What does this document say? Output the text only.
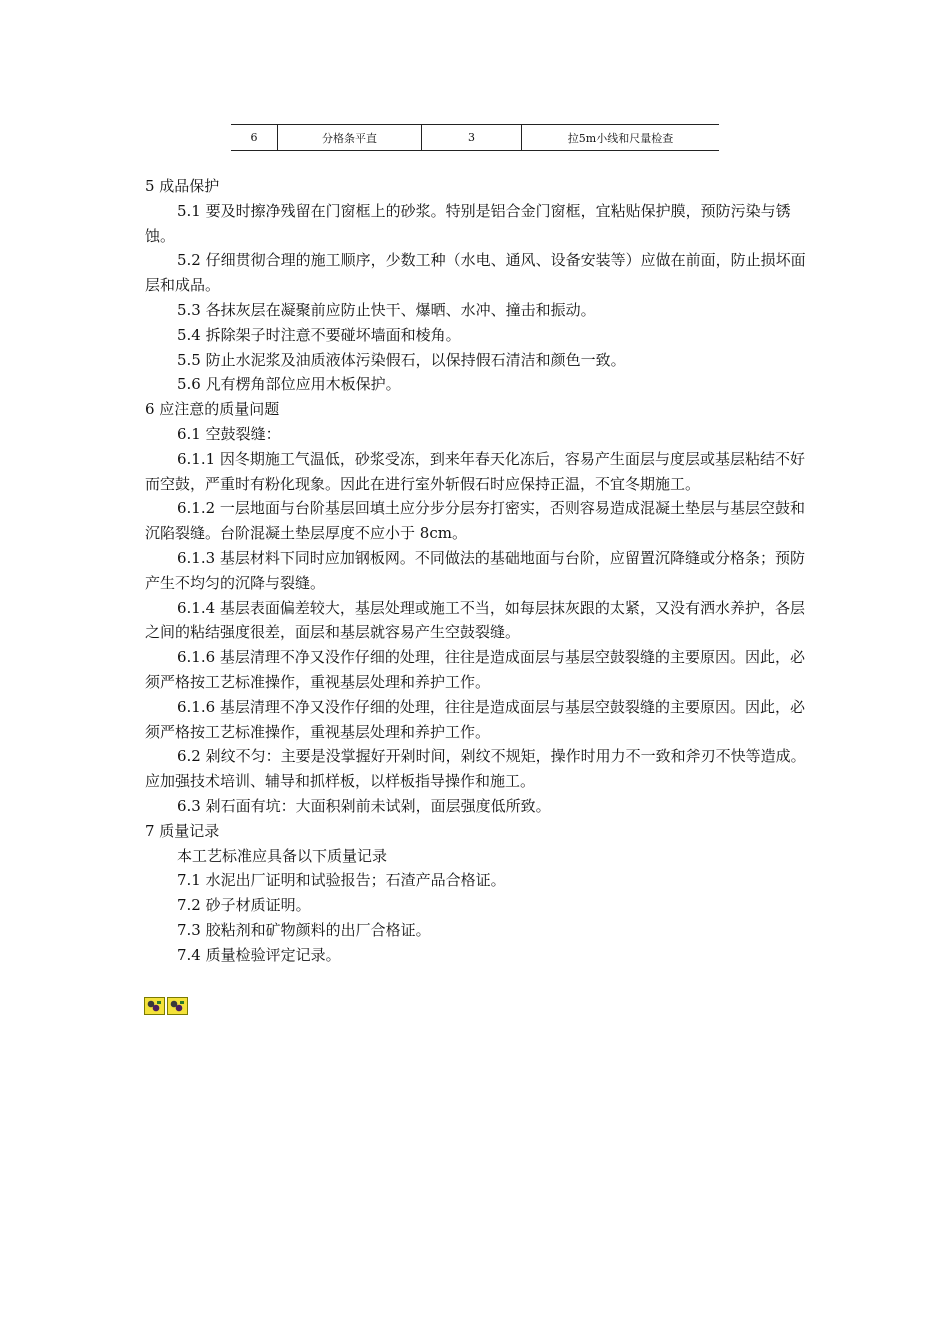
6	分格条平直	3	拉5m小线和尺量检查

5 成品保护

5.1 要及时擦净残留在门窗框上的砂浆。特别是铝合金门窗框，宜粘贴保护膜，预防污染与锈蚀。

5.2 仔细贯彻合理的施工顺序，少数工种（水电、通风、设备安装等）应做在前面，防止损坏面层和成品。

5.3 各抹灰层在凝聚前应防止快干、爆晒、水冲、撞击和振动。

5.4 拆除架子时注意不要碰坏墙面和棱角。

5.5 防止水泥浆及油质液体污染假石，以保持假石清洁和颜色一致。

5.6 凡有楞角部位应用木板保护。

6 应注意的质量问题

6.1 空鼓裂缝：

6.1.1 因冬期施工气温低，砂浆受冻，到来年春天化冻后，容易产生面层与度层或基层粘结不好而空鼓，严重时有粉化现象。因此在进行室外斩假石时应保持正温，不宜冬期施工。

6.1.2 一层地面与台阶基层回填土应分步分层夯打密实，否则容易造成混凝土垫层与基层空鼓和沉陷裂缝。台阶混凝土垫层厚度不应小于 8cm。

6.1.3 基层材料下同时应加钢板网。不同做法的基础地面与台阶，应留置沉降缝或分格条；预防产生不均匀的沉降与裂缝。

6.1.4 基层表面偏差较大，基层处理或施工不当，如每层抹灰跟的太紧，又没有洒水养护，各层之间的粘结强度很差，面层和基层就容易产生空鼓裂缝。

6.1.6 基层清理不净又没作仔细的处理，往往是造成面层与基层空鼓裂缝的主要原因。因此，必须严格按工艺标准操作，重视基层处理和养护工作。

6.1.6 基层清理不净又没作仔细的处理，往往是造成面层与基层空鼓裂缝的主要原因。因此，必须严格按工艺标准操作，重视基层处理和养护工作。

6.2 剁纹不匀：主要是没掌握好开剁时间，剁纹不规矩，操作时用力不一致和斧刃不快等造成。应加强技术培训、辅导和抓样板，以样板指导操作和施工。

6.3 剁石面有坑：大面积剁前未试剁，面层强度低所致。

7 质量记录

本工艺标准应具备以下质量记录

7.1 水泥出厂证明和试验报告；石渣产品合格证。

7.2 砂子材质证明。

7.3 胶粘剂和矿物颜料的出厂合格证。

7.4 质量检验评定记录。
